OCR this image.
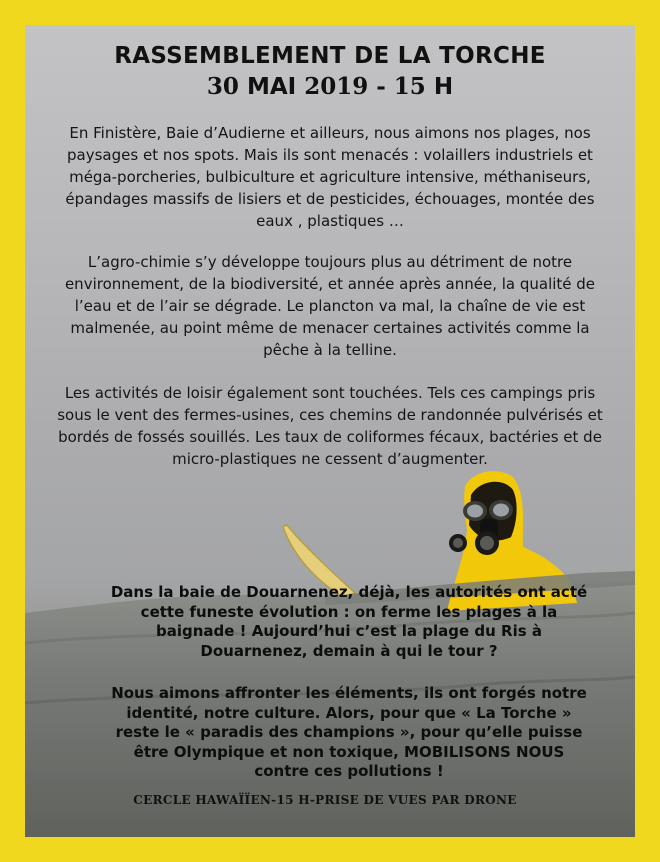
RASSEMBLEMENT DE LA TORCHE
30 MAI 2019 - 15 H

En Finistère, Baie d’Audierne et ailleurs, nous aimons nos plages, nos paysages et nos spots. Mais ils sont menacés : volaillers industriels et méga-porcheries, bulbiculture et agriculture intensive, méthaniseurs, épandages massifs de lisiers et de pesticides, échouages, montée des eaux , plastiques …

L’agro-chimie s’y développe toujours plus au détriment de notre environnement, de la biodiversité, et année après année, la qualité de l’eau et de l’air se dégrade. Le plancton va mal, la chaîne de vie est malmenée, au point même de menacer certaines activités comme la pêche à la telline.

Les activités de loisir également sont touchées. Tels ces campings pris sous le vent des fermes-usines, ces chemins de randonnée pulvérisés et bordés de fossés souillés. Les taux de coliformes fécaux, bactéries et de micro-plastiques ne cessent d’augmenter.

Dans la baie de Douarnenez, déjà, les autorités ont acté cette funeste évolution : on ferme les plages à la baignade ! Aujourd’hui c’est la plage du Ris à Douarnenez, demain à qui le tour ?

Nous aimons affronter les éléments, ils ont forgés notre identité, notre culture. Alors, pour que « La Torche » reste le « paradis des champions », pour qu’elle puisse être Olympique et non toxique, MOBILISONS NOUS contre ces pollutions !

CERCLE HAWAÏÏEN-15 H-PRISE DE VUES PAR DRONE
